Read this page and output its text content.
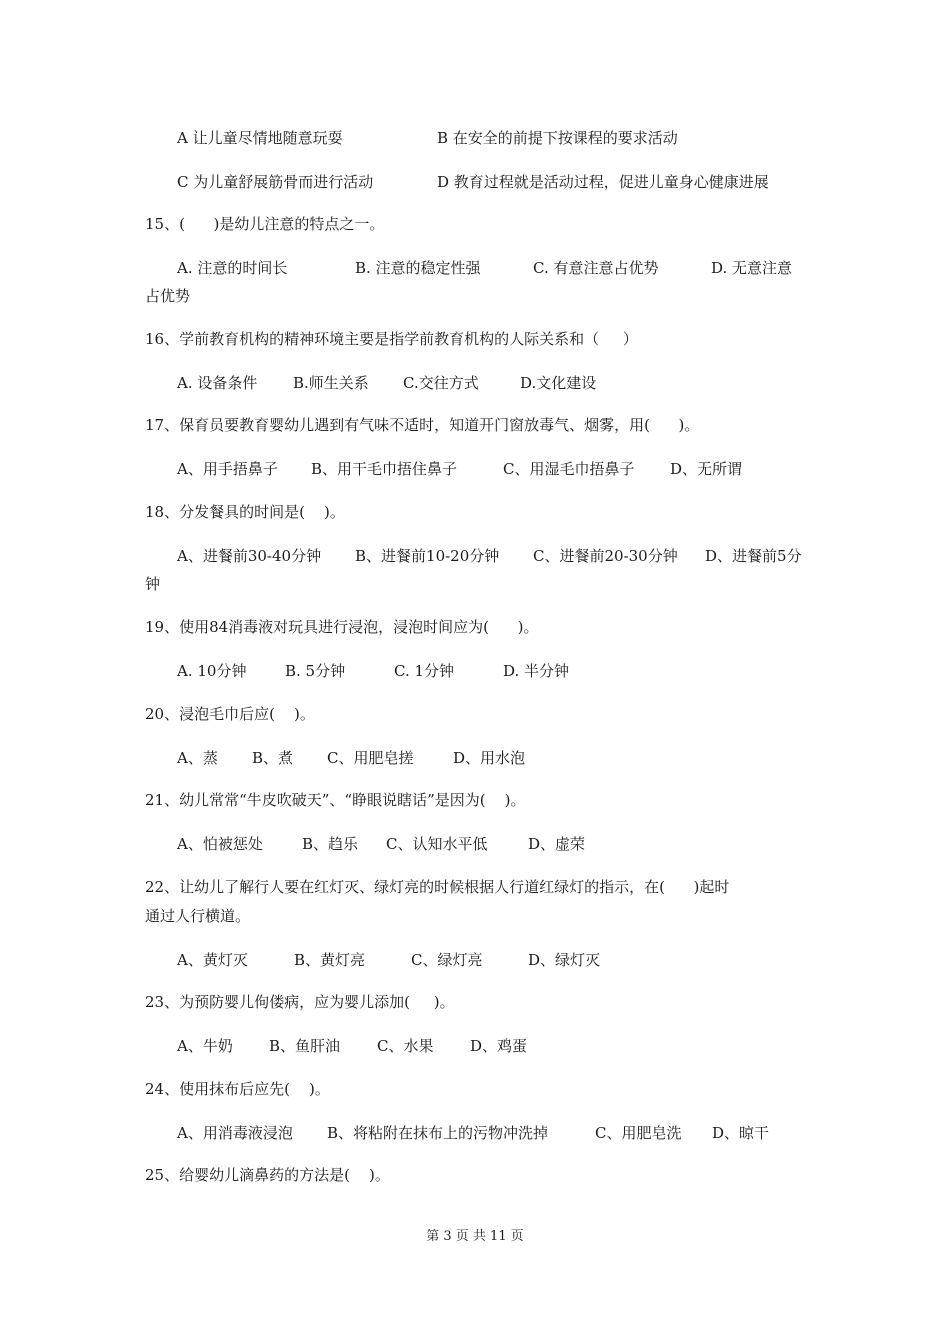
A 让儿童尽情地随意玩耍	B 在安全的前提下按课程的要求活动
C 为儿童舒展筋骨而进行活动	D 教育过程就是活动过程，促进儿童身心健康进展
15、(      )是幼儿注意的特点之一。
A. 注意的时间长	B. 注意的稳定性强	C. 有意注意占优势	D. 无意注意
占优势
16、学前教育机构的精神环境主要是指学前教育机构的人际关系和（     ）
A. 设备条件 B.师生关系 C.交往方式	D.文化建设
17、保育员要教育婴幼儿遇到有气味不适时，知道开门窗放毒气、烟雾，用(      )。
A、用手捂鼻子 B、用干毛巾捂住鼻子	C、用湿毛巾捂鼻子 D、无所谓
18、分发餐具的时间是(    )。
A、进餐前30-40分钟 B、进餐前10-20分钟 C、进餐前20-30分钟 D、进餐前5分
钟
19、使用84消毒液对玩具进行浸泡，浸泡时间应为(      )。
A. 10分钟	B. 5分钟	C. 1分钟	D. 半分钟
20、浸泡毛巾后应(    )。
A、蒸 B、煮 C、用肥皂搓	D、用水泡
21、幼儿常常“牛皮吹破天”、“睁眼说瞎话”是因为(    )。
A、怕被惩处	B、趋乐 C、认知水平低	D、虚荣
22、让幼儿了解行人要在红灯灭、绿灯亮的时候根据人行道红绿灯的指示，在(      )起时
通过人行横道。
A、黄灯灭	B、黄灯亮	C、绿灯亮	D、绿灯灭
23、为预防婴儿佝偻病，应为婴儿添加(     )。
A、牛奶 B、鱼肝油 C、水果 D、鸡蛋
24、使用抹布后应先(    )。
A、用消毒液浸泡 B、将粘附在抹布上的污物冲洗掉	C、用肥皂洗 D、晾干
25、给婴幼儿滴鼻药的方法是(    )。
第 3 页 共 11 页
